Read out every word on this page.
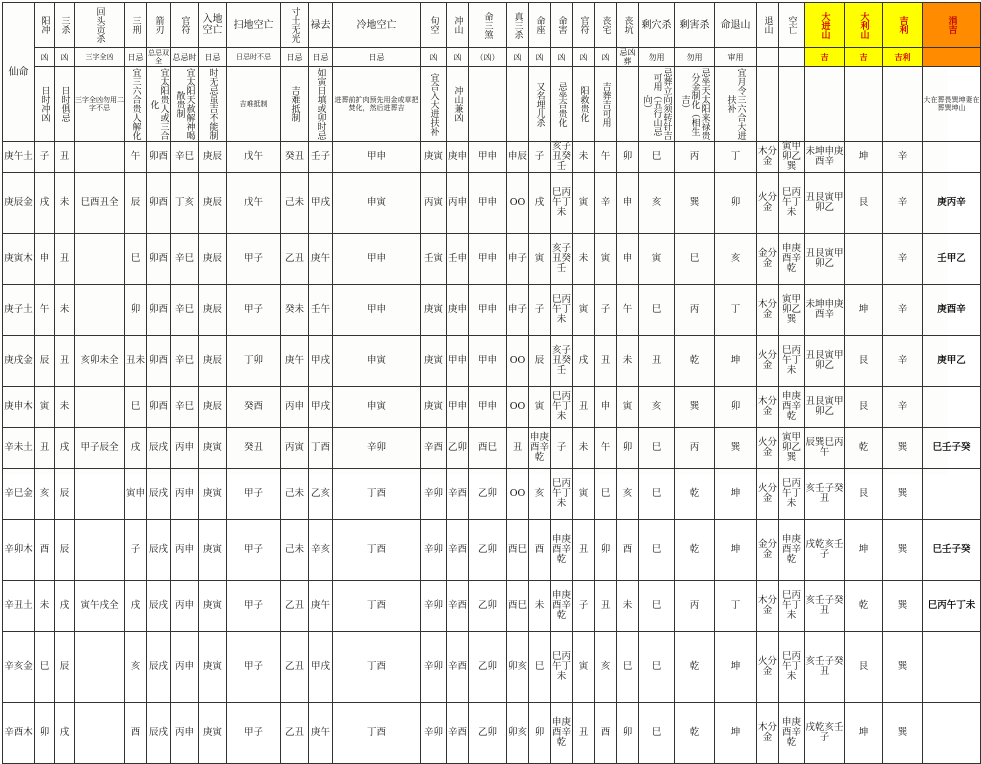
仙命	阳冲	三杀	回头贡杀	三刑	箭刃	官符	入地空亡	扫地空亡	寸土无光	禄去	冷地空亡	旬空	冲山	命三煞	真三杀	命座	命害	官符	丧宅	丧坑	剩穴杀	剩害杀	命退山	退山	空亡	大进山	大利山	吉利	涓吉	
	凶	凶	三字全凶	日忌	总忌双全	总忌时	日忌	日忌时不忌	日忌	日忌	日忌	凶	凶	（凶）	凶	凶	凶	凶	凶	忌凶葬	勿用	勿用	审用			吉	吉	吉利		
	日时冲凶	日时俱忌	三字全凶勿用二字不忌	宜三六合贵人解化	宜太阳贵人或三合化	宜太阳天赦解神喝散贵制	时无忌虽吉不能制	吉难抵制	吉难抵制	如寅日填或卯时忌	进葬前扩肉预先用金或草把焚化，然后进葬吉	宜合入大进扶补	冲山兼凶			又名埋儿杀	忌坐合贵化	阳救贵化	吉葬吉可用		忌葬立向须转针吉可用（五行山忌向）	忌坐天太阳来禄贵分金制化（相生吉）	宜月令三六合大进扶补						大在葬畏巽坤妻在葬巽坤山	
庚午土	子	丑		午	卯酉	辛巳	庚辰	戊午	癸丑	壬子	甲申	庚寅	庚申	甲申	申辰	子	亥子丑癸壬	未	午	卯	巳	丙	丁	木分金	寅甲卯乙巽	未坤申庚酉辛	坤	辛					
庚辰金	戌	未	巳酉丑全	辰	卯酉	丁亥	庚辰	戊午	己未	甲戌	申寅	丙寅	丙申	甲申	OO	戌	巳丙午丁未	寅	辛	申	亥	巽	卯	火分金	巳丙午丁未	丑艮寅甲卯乙	艮	辛	庚丙辛				
庚寅木	申	丑		巳	卯酉	辛巳	庚辰	甲子	乙丑	庚午	甲申	壬寅	壬申	甲申	申子	寅	亥子丑癸壬	未	寅	申	寅	巳	亥	金分金	申庚酉辛乾	丑艮寅甲卯乙		辛	壬甲乙				
庚子土	午	未		卯	卯酉	辛巳	庚辰	甲子	癸未	壬午	甲申	庚寅	庚申	甲申	申子	子	巳丙午丁未	寅	子	午	巳	丙	丁	木分金	寅甲卯乙巽	未坤申庚酉辛	坤	辛	庚酉辛				
庚戌金	辰	丑	亥卯未全	丑未	卯酉	辛巳	庚辰	丁卯	庚午	甲戌	申寅	庚寅	甲申	甲申	OO	辰	亥子丑癸壬	戌	丑	未	丑	乾	坤	火分金	巳丙午丁未	丑艮寅甲卯乙	艮	辛	庚甲乙				
庚申木	寅	未		巳	卯酉	辛巳	庚辰	癸酉	丙申	甲戌	申寅	庚寅	甲申	甲申	OO	寅	巳丙午丁未	丑	申	寅	亥	巽	卯	木分金	申庚酉辛乾	丑艮寅甲卯乙	艮	辛					
辛未土	丑	戌	甲子辰全	戌	辰戌	丙申	庚寅	癸丑	丙寅	丁酉	辛卯	辛酉	乙卯	酉巳	丑	申庚酉辛乾	子	未	午	卯	巳	丙	巽	火分金	寅甲卯乙巽	辰巽巳丙午	乾	巽	巳壬子癸				
辛巳金	亥	辰		寅申	辰戌	丙申	庚寅	甲子	己未	乙亥	丁酉	辛卯	辛酉	乙卯	OO	亥	巳丙午丁未	寅	巳	亥	巳	乾	坤	火分金	巳丙午丁未	亥壬子癸丑	艮	巽					
辛卯木	酉	辰		子	辰戌	丙申	庚寅	甲子	己未	辛亥	丁酉	辛卯	辛酉	乙卯	酉巳	酉	申庚酉辛乾	丑	卯	酉	巳	乾	坤	金分金	申庚酉辛乾	戌乾亥壬子	坤	巽	巳壬子癸				
辛丑土	未	戌	寅午戌全	戌	辰戌	丙申	庚寅	甲子	乙丑	庚午	丁酉	辛卯	辛酉	乙卯	酉巳	未	申庚酉辛乾	子	丑	未	巳	丙	丁	木分金	巳丙午丁未	亥壬子癸丑	乾	巽	巳丙午丁未				
辛亥金	巳	辰		亥	辰戌	丙申	庚寅	甲子	乙丑	甲戌	丁酉	辛卯	辛酉	乙卯	卯亥	巳	巳丙午丁未	寅	亥	巳	巳	乾	坤	火分金	巳丙午丁未	亥壬子癸丑	艮	巽					
辛酉木	卯	戌		酉	辰戌	丙申	庚寅	甲子	乙丑	庚午	丁酉	辛卯	辛酉	乙卯	卯亥	卯	申庚酉辛乾	丑	酉	卯	巳	乾	坤	木分金	申庚酉辛乾	戌乾亥壬子	坤	巽					
